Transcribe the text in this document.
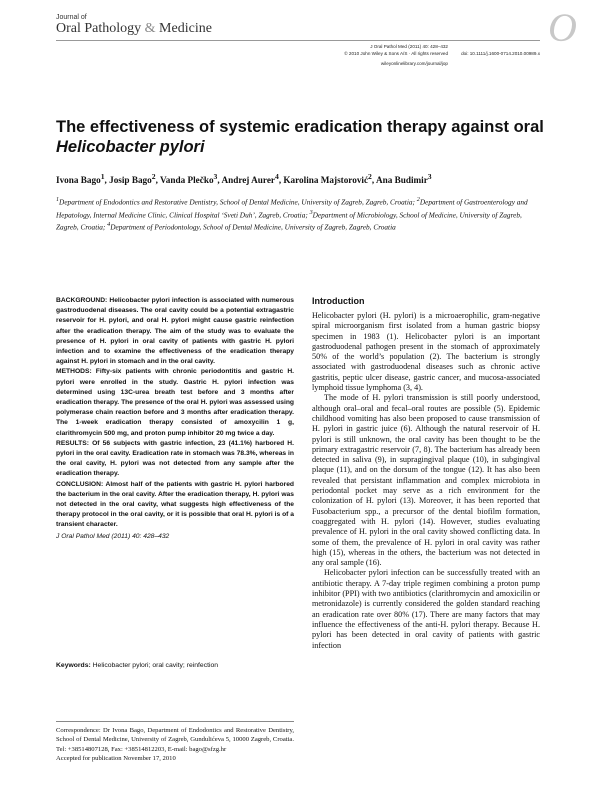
Journal of
Oral Pathology & Medicine	O
J Oral Pathol Med (2011) 40: 428–432
© 2010 John Wiley & Sons A/S · All rights reserved
wileyonlinelibrary.com/journal/jop
doi: 10.1111/j.1600-0714.2010.00989.x
The effectiveness of systemic eradication therapy against oral Helicobacter pylori
Ivona Bago$^1$, Josip Bago$^2$, Vanda Plečko$^3$, Andrej Aurer$^4$, Karolina Majstorović$^2$, Ana Budimir$^3$
$^1$Department of Endodontics and Restorative Dentistry, School of Dental Medicine, University of Zagreb, Zagreb, Croatia; $^2$Department of Gastroenterology and Hepatology, Internal Medicine Clinic, Clinical Hospital ‘Sveti Duh’, Zagreb, Croatia; $^3$Department of Microbiology, School of Medicine, University of Zagreb, Zagreb, Croatia; $^4$Department of Periodontology, School of Dental Medicine, University of Zagreb, Zagreb, Croatia

BACKGROUND: Helicobacter pylori infection is associated with numerous gastroduodenal diseases. The oral cavity could be a potential extragastric reservoir for H. pylori, and oral H. pylori might cause gastric reinfection after the eradication therapy. The aim of the study was to evaluate the presence of H. pylori in oral cavity of patients with gastric H. pylori infection and to examine the effectiveness of the eradication therapy against H. pylori in stomach and in the oral cavity.

METHODS: Fifty-six patients with chronic periodontitis and gastric H. pylori were enrolled in the study. Gastric H. pylori infection was determined using 13C-urea breath test before and 3 months after eradication therapy. The presence of the oral H. pylori was assessed using polymerase chain reaction before and 3 months after eradication therapy. The 1-week eradication therapy consisted of amoxycilin 1 g, clarithromycin 500 mg, and proton pump inhibitor 20 mg twice a day.

RESULTS: Of 56 subjects with gastric infection, 23 (41.1%) harbored H. pylori in the oral cavity. Eradication rate in stomach was 78.3%, whereas in the oral cavity, H. pylori was not detected from any sample after the eradication therapy.

CONCLUSION: Almost half of the patients with gastric H. pylori harbored the bacterium in the oral cavity. After the eradication therapy, H. pylori was not detected in the oral cavity, what suggests high effectiveness of the therapy protocol in the oral cavity, or it is possible that oral H. pylori is of a transient character.

J Oral Pathol Med (2011) 40: 428–432

Keywords: Helicobacter pylori; oral cavity; reinfection
Correspondence: Dr Ivona Bago, Department of Endodontics and Restorative Dentistry, School of Dental Medicine, University of Zagreb, Gundulićeva 5, 10000 Zagreb, Croatia. Tel: +38514807128, Fax: +38514812203, E-mail: bago@sfzg.hr
Accepted for publication November 17, 2010
Introduction

Helicobacter pylori (H. pylori) is a microaerophilic, gram-negative spiral microorganism first isolated from a human gastric biopsy specimen in 1983 (1). Helicobacter pylori is an important gastroduodenal pathogen present in the stomach of approximately 50% of the world’s population (2). The bacterium is strongly associated with gastroduodenal diseases such as chronic active gastritis, peptic ulcer disease, gastric cancer, and mucosa-associated lymphoid tissue lymphoma (3, 4).

The mode of H. pylori transmission is still poorly understood, although oral–oral and fecal–oral routes are possible (5). Epidemic childhood vomiting has also been proposed to cause transmission of H. pylori in gastric juice (6). Although the natural reservoir of H. pylori is still unknown, the oral cavity has been thought to be the primary extragastric reservoir (7, 8). The bacterium has already been detected in saliva (9), in supragingival plaque (10), in subgingival plaque (11), and on the dorsum of the tongue (12). It has also been revealed that persistant inflammation and complex microbiota in periodontal pocket may serve as a rich environment for the colonization of H. pylori (13). Moreover, it has been reported that Fusobacterium spp., a precursor of the dental biofilm formation, coaggregated with H. pylori (14). However, studies evaluating prevalence of H. pylori in the oral cavity showed conflicting data. In some of them, the prevalence of H. pylori in oral cavity was rather high (15), whereas in the others, the bacterium was not detected in any oral sample (16).

Helicobacter pylori infection can be successfully treated with an antibiotic therapy. A 7-day triple regimen combining a proton pump inhibitor (PPI) with two antibiotics (clarithromycin and amoxicilin or metronidazole) is currently considered the golden standard reaching an eradication rate over 80% (17). There are many factors that may influence the effectiveness of the anti-H. pylori therapy. Because H. pylori has been detected in oral cavity of patients with gastric infection
